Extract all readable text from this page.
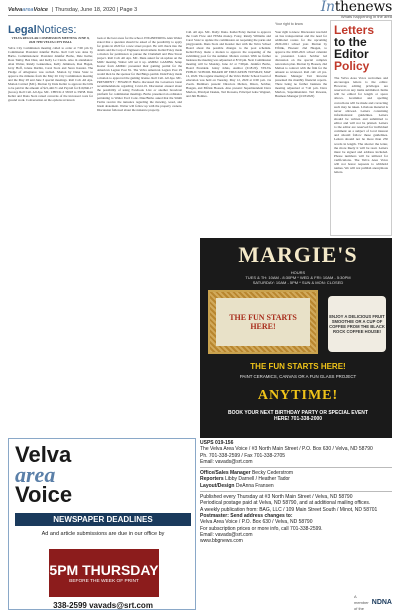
VelvaareaVoice | Thursday, June 18, 2020 | Page 3	Inthenews
Whats happening in the area
LegalNotices:

VELVA REGULAR COMMISSION MEETING JUNE 8, 2020 7PM VELVA CITY HALL

Velva City Commission meeting called to order at 7:00 pm by Commission President Jennifer Barbo. Roll Call was done by Barbo. Commissioners: President Jennifer Barbo, Dale Keller, Ross Tunby, Ben Diaz, and Kelly Le Clerck. Also in attendance: Alan Walter, Randy Lokkesmoe, Kelly Jaminson, Ron Hagen, Jerry Hoff, Jolene Durbin, Carol Stotz and Steve Kessler. The Pledge of Allegiance was recited. Motion by Dana Stotz to approve the minutes from the May 26 City Commission meeting and the May 28 and June 3 special meetings. Roll Call. All Aye. Motion Carried (MC). Motion by Dale Keller to approve the bills to be paid in the amount of $21,446.71 and Payroll for $10,846.17 (Gross). Roll Call. All Aye. MC. CHECK # 33018 to 33058. Dale Keller and Dana Stotz raised concerns of the increased costs for ground work. Conversation on the options reviewed.

look at the best areas for the school. ENGINEERING Alan Walter stated that a question should be asked of the possibility to apply for grants in 2020 for a new street project. He will check into the details and the Corp of Engineers involvement. Keller/Foley made a motion for permission to pursue the Clamshell and Pine Street project. Roll Call. All Aye. MC. Dana asked for an update on the MOU meeting. Walter will set it up. AMPAC GAMING Setup Koster from AMPAC presented their gaming permit for the American Legion Post 81. The Velva American Legion Post 29 would then be the sponsor for that Bingo permit. Dale/Foley made a motion to approved the gaming license. Roll Call. All Aye. MC. PRESIDENT / FINANCE Barbo discussed the Governors latest recommendations regarding Covid-19. Discussion ensued about the possibility of using Facebook Live or another broadcast platform for commission meetings. Barbo presented an ordinance pertaining to Walter Ford Code. Diaz/Barbo asked that the Smith Farms receive the nuisance regarding the mowing, weed, and brush abatement. Walter will follow up with the property owners. Discussion followed about the nuisance property.

Call. All Aye. MC. Daily: Dana. Koller/Foley motion to approve the Cash Flow and FEMA money. Foley, Randy Williams and Carol Stotz to update the commission on reopening the parks and playgrounds. Dana Stotz and Kessler met with the Velva School Board about the possible changes to the pool schedule. Keller/Foley made a motion to approve the reopening of the swimming pool for the summer. Motion carried. With no further business the meeting was adjourned at 8:50 pm. Next Commission meeting will be Monday, June 22 at 7:00pm. Jennifer Barbo, Board President. Jenny Johns, Auditor (6/18/20). VELVA PUBLIC SCHOOL BOARD OF EDUCATION TUESDAY, MAY 12, 2020. The regular meeting of the Velva Public School board of education was held on Tuesday, May 12, 2020 at 6:00 p.m. via Zoom. Members present: Directors Melton, Dixon, Selcher, Haagen, and Elfrink Hoesen. Also present: Superintendent Dave Marlow, Principal Deekie, Tari Rowena, Principal Gabe Wagnert, and Jim Holmes.

Your right to know

Your right to know. Discussion was held on bus transportation and the need for additional routes for the upcoming 2020-2021 school year. Motion by Elfrink, Hoesen: 2nd Haagen, to approve the 2020-2021 school calendar as presented. Lance Selcher led discussion on the special complex renovation plan. Motion by Hoesen, 2nd Melton to contract with the firm for the amount as reviewed. Roll call: all yes. Business Manager Tari Rowena presented the monthly financial reports. There being no further business the meeting adjourned at 7:42 p.m. Dave Marlow, Superintendent. Tari Rowena, Business Manager (6/18/2020)

Letters
to the
Editor
Policy
The Velva Area Voice welcomes and encourages letters to the editor. However, editing privileges are reserved on any items submitted. Items will be edited for length or space allows. Grammar and spelling corrections will be made and correcting such may be taken. Libelous material is never allowed. Letters containing informational guidelines. Letters should be written and submitted to editor and will not be printed. Letters to the editor are reserved for individual comment on a subject of local interest and should follow these guidelines. Letters should not be more than 250 words in length. The shorter the letter, the more likely it will be read. Letters must be signed and address included. Phone numbers will be utilized for verifications. The Velva Area Voice will not honor requests to withhold names. We will not publish anonymous letters.
MARGIE'S
HOURS
TUES & TH: 10AM - 8:30PM * WED & FRI: 10AM - 5:30PM
SATURDAY: 10AM - 5PM * SUN & MON: CLOSED
THE FUN STARTS HERE!
ENJOY A DELICIOUS FRUIT SMOOTHIE OR A CUP OF COFFEE FROM THE BLACK ROCK COFFEE HOUSE!
THE FUN STARTS HERE!
PAINT CERAMICS, CANVAS OR A FUN GLASS PROJECT
ANYTIME!
BOOK YOUR NEXT BIRTHDAY PARTY OR SPECIAL EVENT
HERE! 701-338-2000
Velva
area
Voice
NEWSPAPER DEADLINES
Ad and article submissions are due in our office by
5PM THURSDAY
BEFORE THE WEEK OF PRINT
338-2599 vavads@srt.com
USPS 019-156
The Velva Area Voice / #3 North Main Street / P.O. Box 630 / Velva, ND 58790
Ph. 701-338-2599 / Fax 701-338-2705
Email: vavads@srt.com
Office/Sales Manager Becky Cederstrom
Reporters Libby Darnell / Heather Tador
Layout/Design DeAnna Fransen
Published every Thursday at #3 North Main Street / Velva, ND 58790
Periodical postage paid at Velva, ND 58790, and at additional mailing offices.
A weekly publication from: BAG, LLC / 109 Main Street South / Minot, ND 58701
Postmaster: Send address changes to:
Velva Area Voice / P.O. Box 630 / Velva, ND 58790
For subscription prices or more info, call 701-338-2599.
Email: vavads@srt.com
www.bbgnews.com
A member of the
NDNA
